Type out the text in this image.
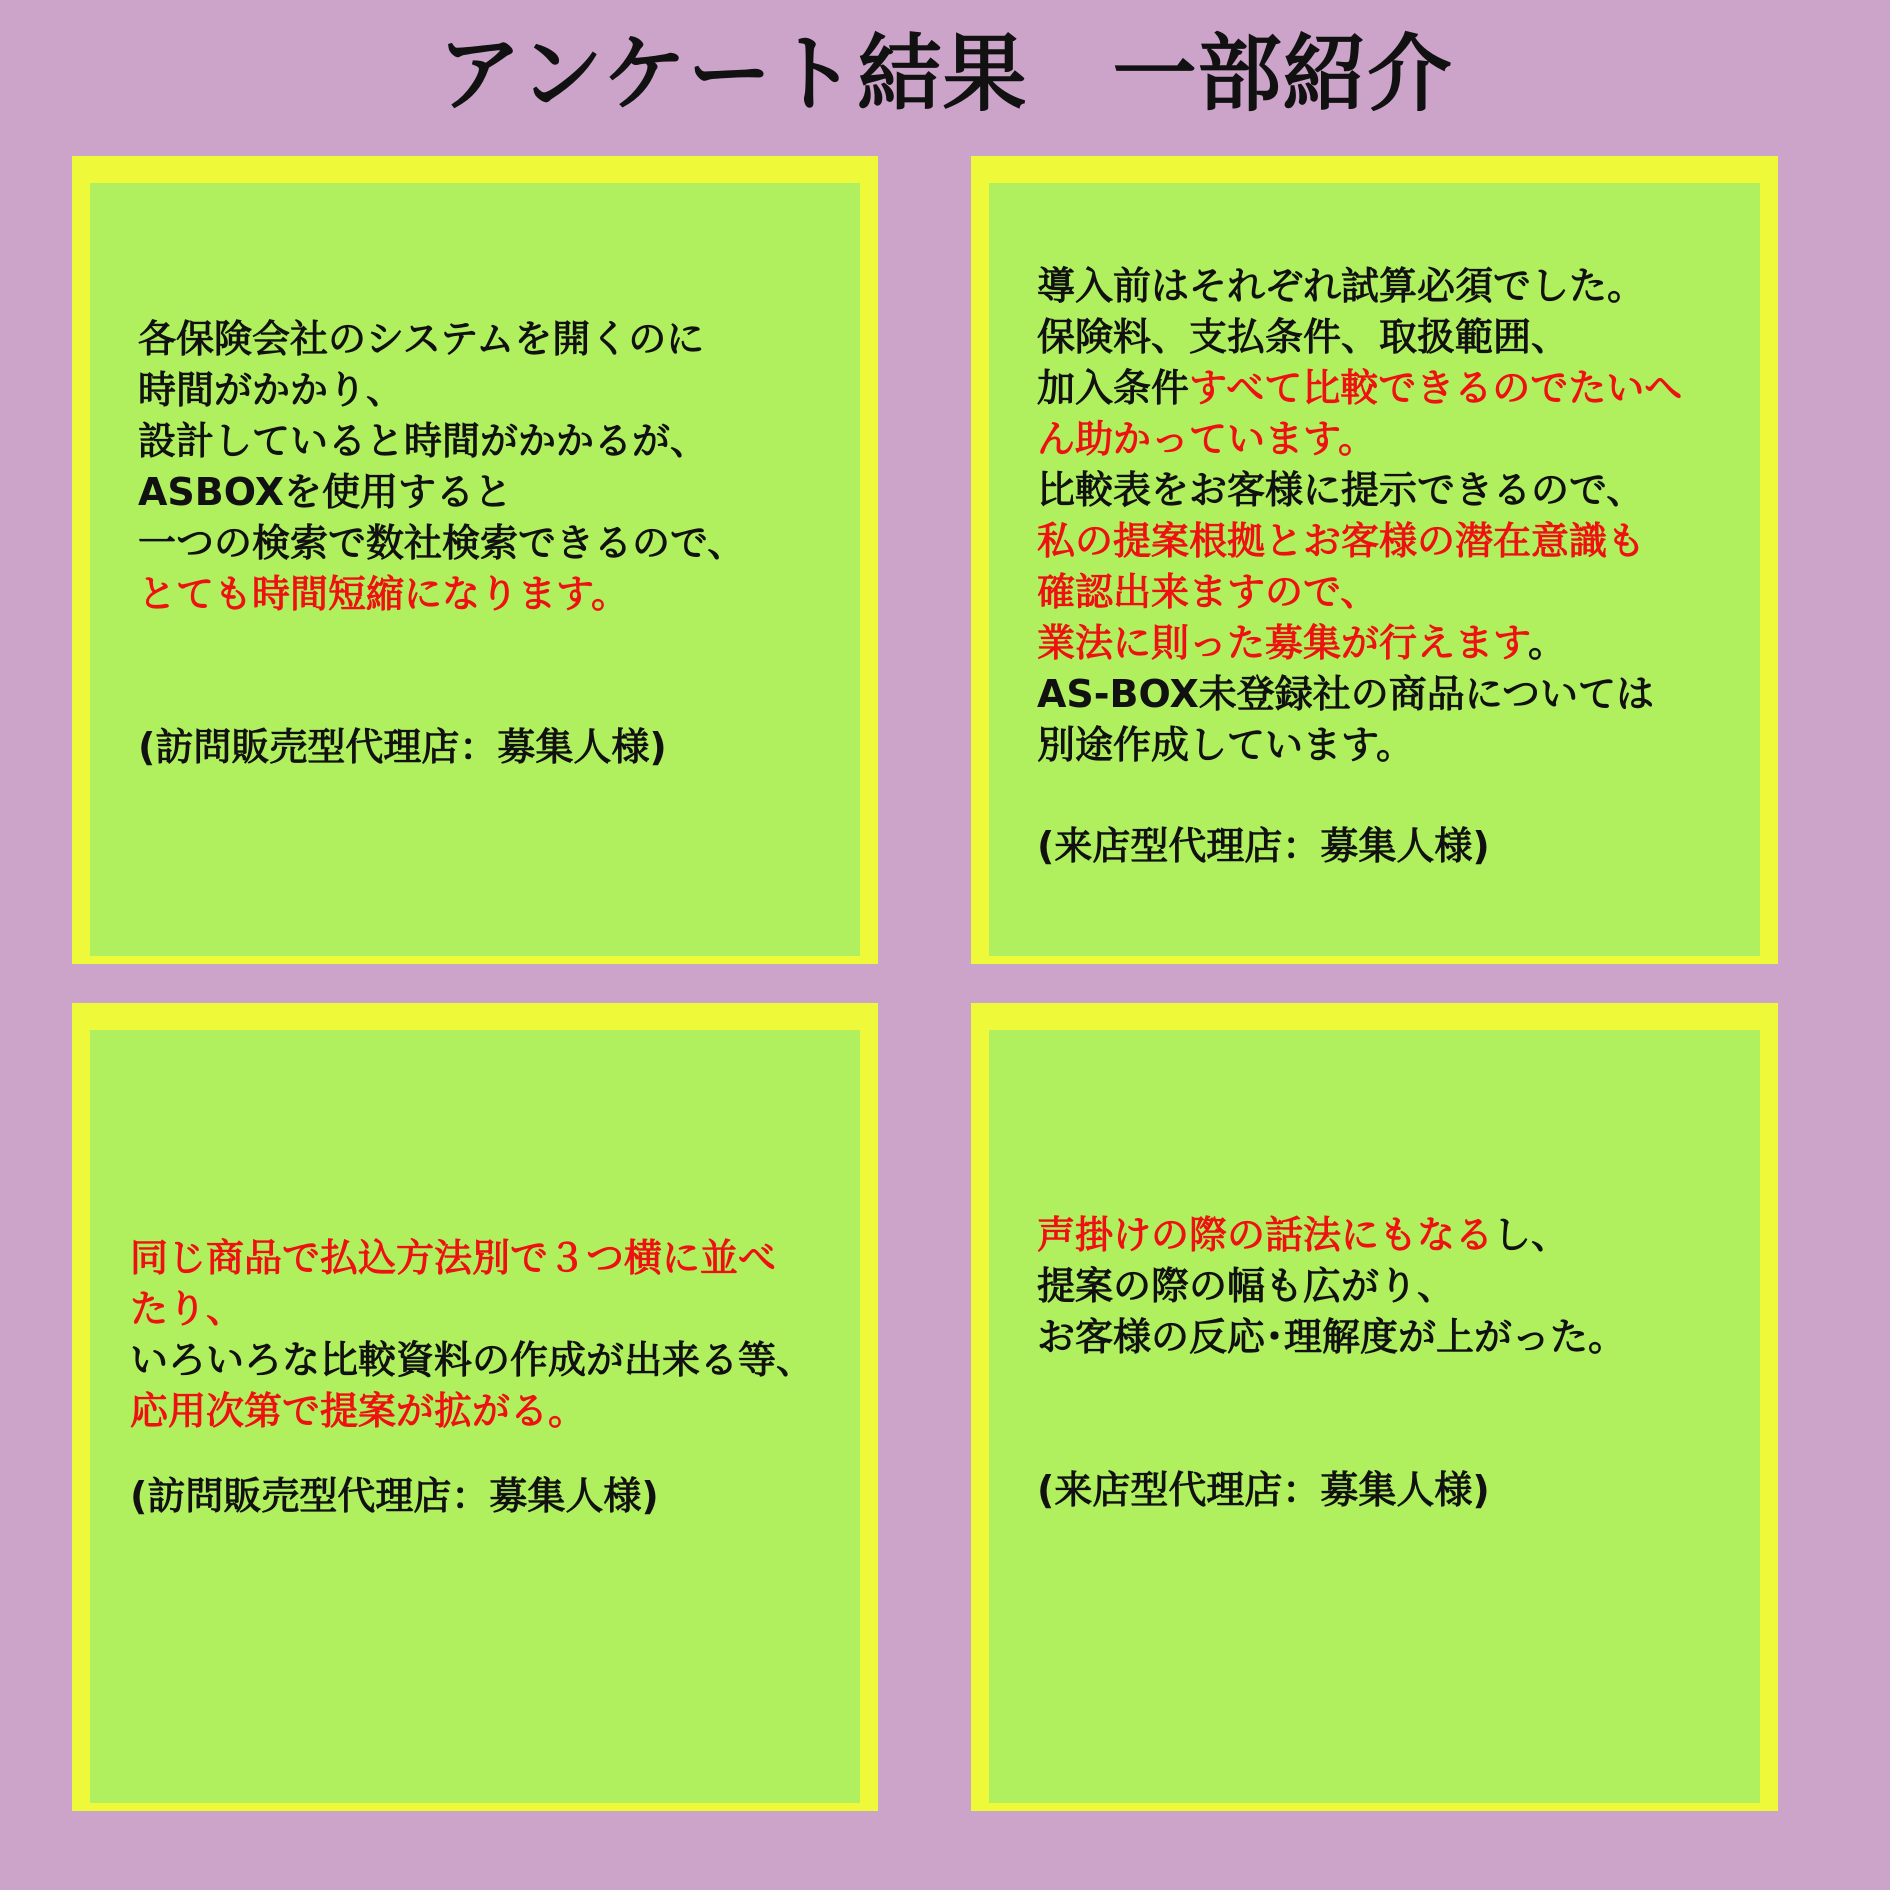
アンケート結果　一部紹介
各保険会社のシステムを開くのに
時間がかかり、
設計していると時間がかかるが、
ASBOXを使用すると
一つの検索で数社検索できるので、
とても時間短縮になります。
(訪問販売型代理店：募集人様)
導入前はそれぞれ試算必須でした。
保険料、支払条件、取扱範囲、
加入条件すべて比較できるのでたいへ
ん助かっています。
比較表をお客様に提示できるので、
私の提案根拠とお客様の潜在意識も
確認出来ますので、
業法に則った募集が行えます。
AS-BOX未登録社の商品については
別途作成しています。
(来店型代理店：募集人様)
同じ商品で払込方法別で３つ横に並べ
たり、
いろいろな比較資料の作成が出来る等、
応用次第で提案が拡がる。
(訪問販売型代理店：募集人様)
声掛けの際の話法にもなるし、
提案の際の幅も広がり、
お客様の反応･理解度が上がった。
(来店型代理店：募集人様)
